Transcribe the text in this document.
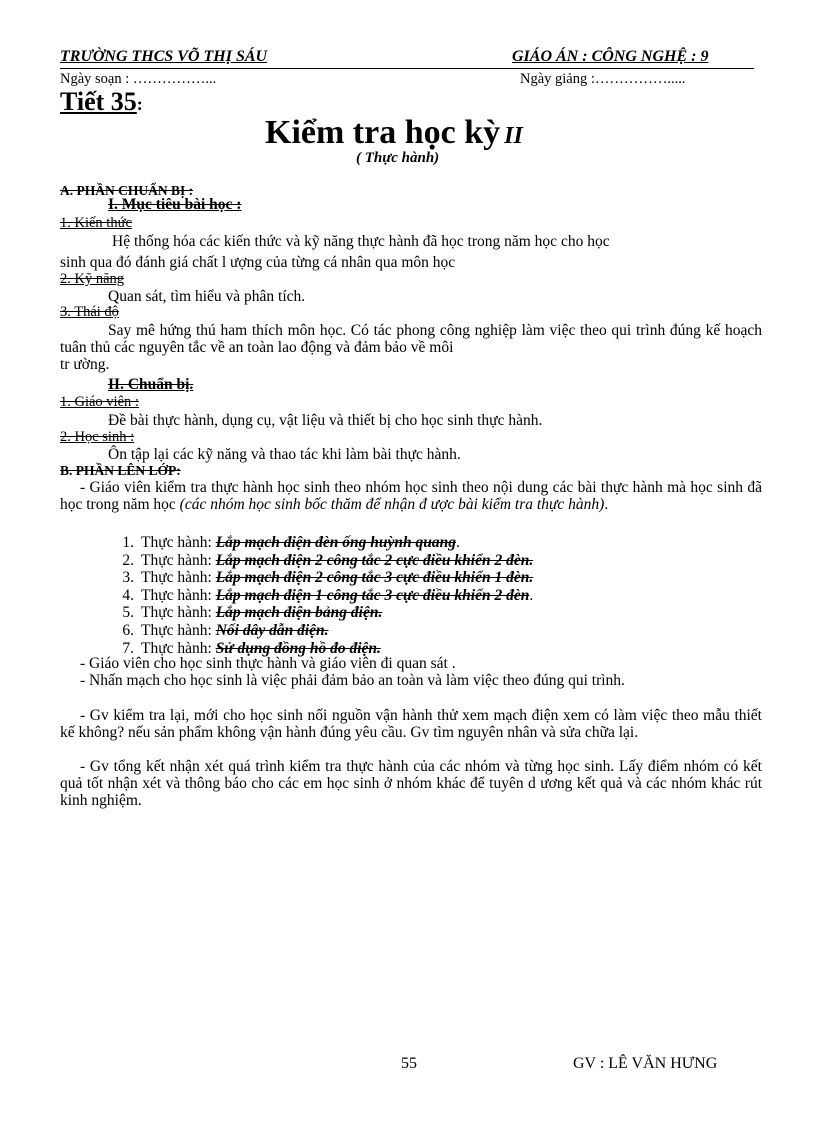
TRƯỜNG THCS VÕ THỊ SÁU	GIÁO ÁN : CÔNG NGHỆ : 9
Ngày soạn : ……………...	Ngày giảng :…………….....
Tiết 35:
Kiểm tra học kỳ II
( Thực hành)
A. PHẦN CHUẨN BỊ :
I. Mục tiêu bài học :
1. Kiến thức
Hệ thống hóa các kiến thức và kỹ năng thực hành đã học trong năm học cho học
sinh qua đó đánh giá chất l ượng của từng cá nhân qua môn học
2. Kỹ năng
Quan sát, tìm hiểu và phân tích.
3. Thái độ
Say mê hứng thú ham thích môn học. Có tác phong công nghiệp làm việc theo qui trình đúng kế hoạch tuân thủ các nguyên tắc về an toàn lao động và đảm bảo về môi
tr ường.
II. Chuẩn bị.
1. Giáo viên :
Đề bài thực hành, dụng cụ, vật liệu và thiết bị cho học sinh thực hành.
2. Học sinh :
Ôn tập lại các kỹ năng và thao tác khi làm bài thực hành.
B. PHẦN LÊN LỚP:
- Giáo viên kiểm tra thực hành học sinh theo nhóm học sinh theo nội dung các bài thực hành mà học sinh đã học trong năm học (các nhóm học sinh bốc thăm để nhận đ ược bài kiểm tra thực hành).
1. Thực hành: Lắp mạch điện đèn ống huỳnh quang.
2. Thực hành: Lắp mạch điện 2 công tắc 2 cực điều khiển 2 đèn.
3. Thực hành: Lắp mạch điện 2 công tắc 3 cực điều khiển 1 đèn.
4. Thực hành: Lắp mạch điện 1 công tắc 3 cực điều khiển 2 đèn.
5. Thực hành: Lắp mạch điện bảng điện.
6. Thực hành: Nối dây dẫn điện.
7. Thực hành: Sử dụng đồng hồ đo điện.
- Giáo viên cho học sinh thực hành và giáo viên đi quan sát .
- Nhấn mạch cho học sinh là việc phải đảm bảo an toàn và làm việc theo đúng qui trình.
- Gv kiểm tra lại, mới cho học sinh nối nguồn vận hành thử xem mạch điện xem có làm việc theo mẫu thiết kế không? nếu sản phẩm không vận hành đúng yêu cầu. Gv tìm nguyên nhân và sửa chữa lại.
- Gv tổng kết nhận xét quá trình kiểm tra thực hành của các nhóm và từng học sinh. Lấy điểm nhóm có kết quả tốt nhận xét và thông báo cho các em học sinh ở nhóm khác để tuyên d ương kết quả và các nhóm khác rút kinh nghiệm.
55	GV : LÊ VĂN HƯNG
